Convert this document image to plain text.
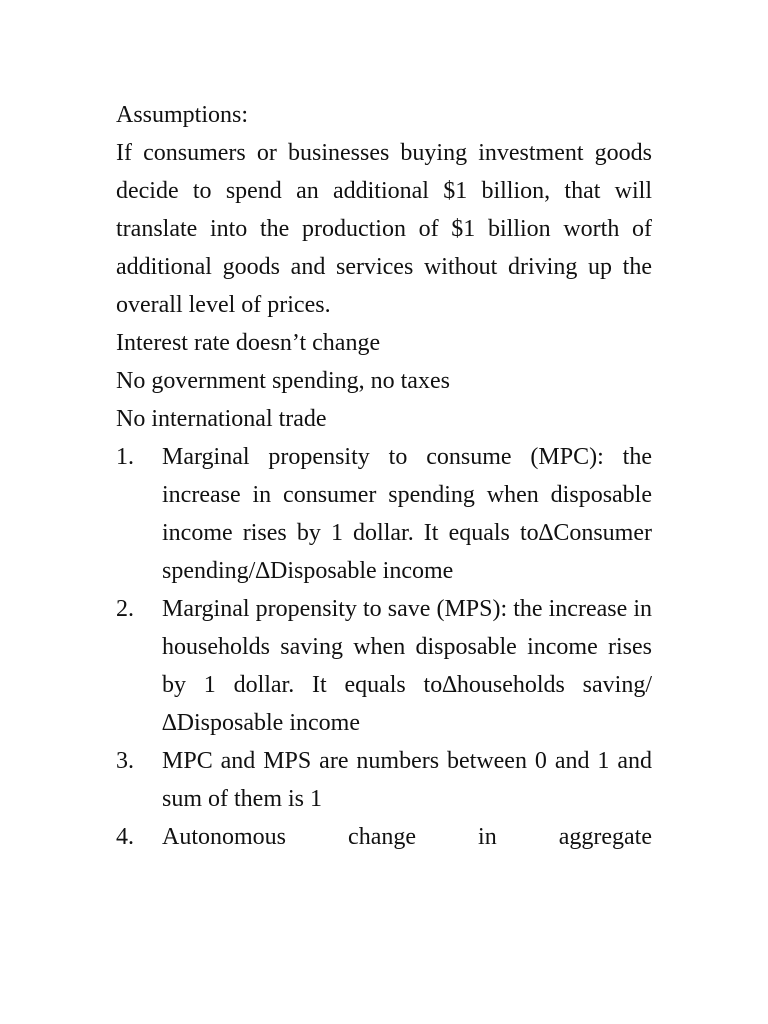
Assumptions:

If consumers or businesses buying investment goods decide to spend an additional $1 billion, that will translate into the production of $1 billion worth of additional goods and services without driving up the overall level of prices.

Interest rate doesn’t change

No government spending, no taxes

No international trade

1. Marginal propensity to consume (MPC): the increase in consumer spending when disposable income rises by 1 dollar. It equals to∆Consumer spending/∆Disposable income
2. Marginal propensity to save (MPS): the increase in households saving when disposable income rises by 1 dollar. It equals to∆households saving/∆Disposable income
3. MPC and MPS are numbers between 0 and 1 and sum of them is 1
4. Autonomous change in aggregate
